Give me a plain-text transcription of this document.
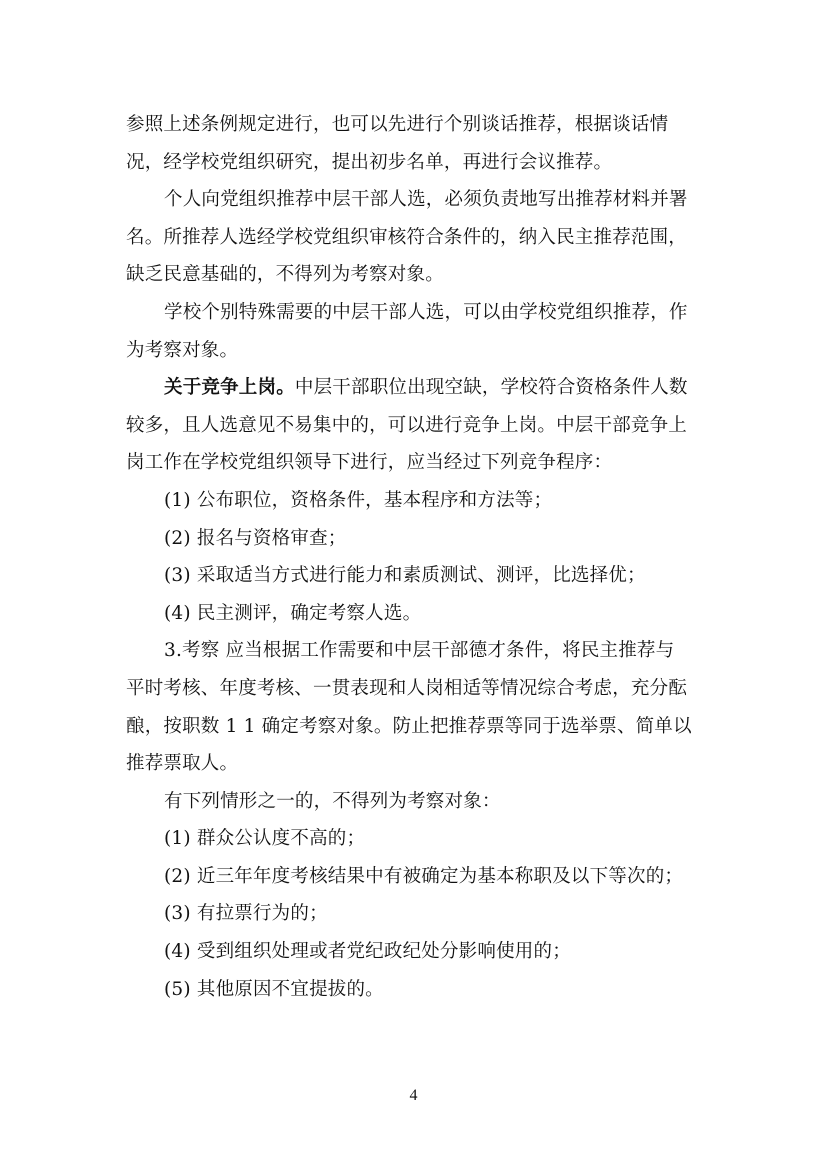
参照上述条例规定进行，也可以先进行个别谈话推荐，根据谈话情
况，经学校党组织研究，提出初步名单，再进行会议推荐。
个人向党组织推荐中层干部人选，必须负责地写出推荐材料并署
名。所推荐人选经学校党组织审核符合条件的，纳入民主推荐范围，
缺乏民意基础的，不得列为考察对象。
学校个别特殊需要的中层干部人选，可以由学校党组织推荐，作
为考察对象。
关于竞争上岗。中层干部职位出现空缺，学校符合资格条件人数
较多，且人选意见不易集中的，可以进行竞争上岗。中层干部竞争上
岗工作在学校党组织领导下进行，应当经过下列竞争程序：
(1) 公布职位，资格条件，基本程序和方法等；
(2) 报名与资格审查；
(3) 采取适当方式进行能力和素质测试、测评，比选择优；
(4) 民主测评，确定考察人选。
3.考察 应当根据工作需要和中层干部德才条件，将民主推荐与
平时考核、年度考核、一贯表现和人岗相适等情况综合考虑，充分酝
酿，按职数 1 1 确定考察对象。防止把推荐票等同于选举票、简单以
推荐票取人。
有下列情形之一的，不得列为考察对象：
(1) 群众公认度不高的；
(2) 近三年年度考核结果中有被确定为基本称职及以下等次的；
(3) 有拉票行为的；
(4) 受到组织处理或者党纪政纪处分影响使用的；
(5) 其他原因不宜提拔的。
4
